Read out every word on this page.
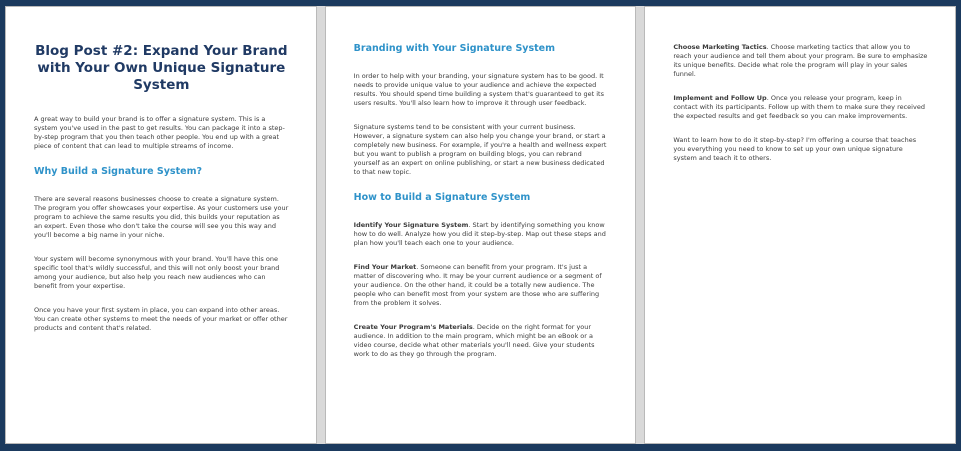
Blog Post #2: Expand Your Brand with Your Own Unique Signature System

A great way to build your brand is to offer a signature system. This is a system you've used in the past to get results. You can package it into a step-by-step program that you then teach other people. You end up with a great piece of content that can lead to multiple streams of income.

Why Build a Signature System?

There are several reasons businesses choose to create a signature system. The program you offer showcases your expertise. As your customers use your program to achieve the same results you did, this builds your reputation as an expert. Even those who don't take the course will see you this way and you'll become a big name in your niche.

Your system will become synonymous with your brand. You'll have this one specific tool that's wildly successful, and this will not only boost your brand among your audience, but also help you reach new audiences who can benefit from your expertise.

Once you have your first system in place, you can expand into other areas. You can create other systems to meet the needs of your market or offer other products and content that's related.

Branding with Your Signature System

In order to help with your branding, your signature system has to be good. It needs to provide unique value to your audience and achieve the expected results. You should spend time building a system that's guaranteed to get its users results. You'll also learn how to improve it through user feedback.

Signature systems tend to be consistent with your current business. However, a signature system can also help you change your brand, or start a completely new business. For example, if you're a health and wellness expert but you want to publish a program on building blogs, you can rebrand yourself as an expert on online publishing, or start a new business dedicated to that new topic.

How to Build a Signature System

Identify Your Signature System. Start by identifying something you know how to do well. Analyze how you did it step-by-step. Map out these steps and plan how you'll teach each one to your audience.

Find Your Market. Someone can benefit from your program. It's just a matter of discovering who. It may be your current audience or a segment of your audience. On the other hand, it could be a totally new audience. The people who can benefit most from your system are those who are suffering from the problem it solves.

Create Your Program's Materials. Decide on the right format for your audience. In addition to the main program, which might be an eBook or a video course, decide what other materials you'll need. Give your students work to do as they go through the program.

Choose Marketing Tactics. Choose marketing tactics that allow you to reach your audience and tell them about your program. Be sure to emphasize its unique benefits. Decide what role the program will play in your sales funnel.

Implement and Follow Up. Once you release your program, keep in contact with its participants. Follow up with them to make sure they received the expected results and get feedback so you can make improvements.

Want to learn how to do it step-by-step? I'm offering a course that teaches you everything you need to know to set up your own unique signature system and teach it to others.
